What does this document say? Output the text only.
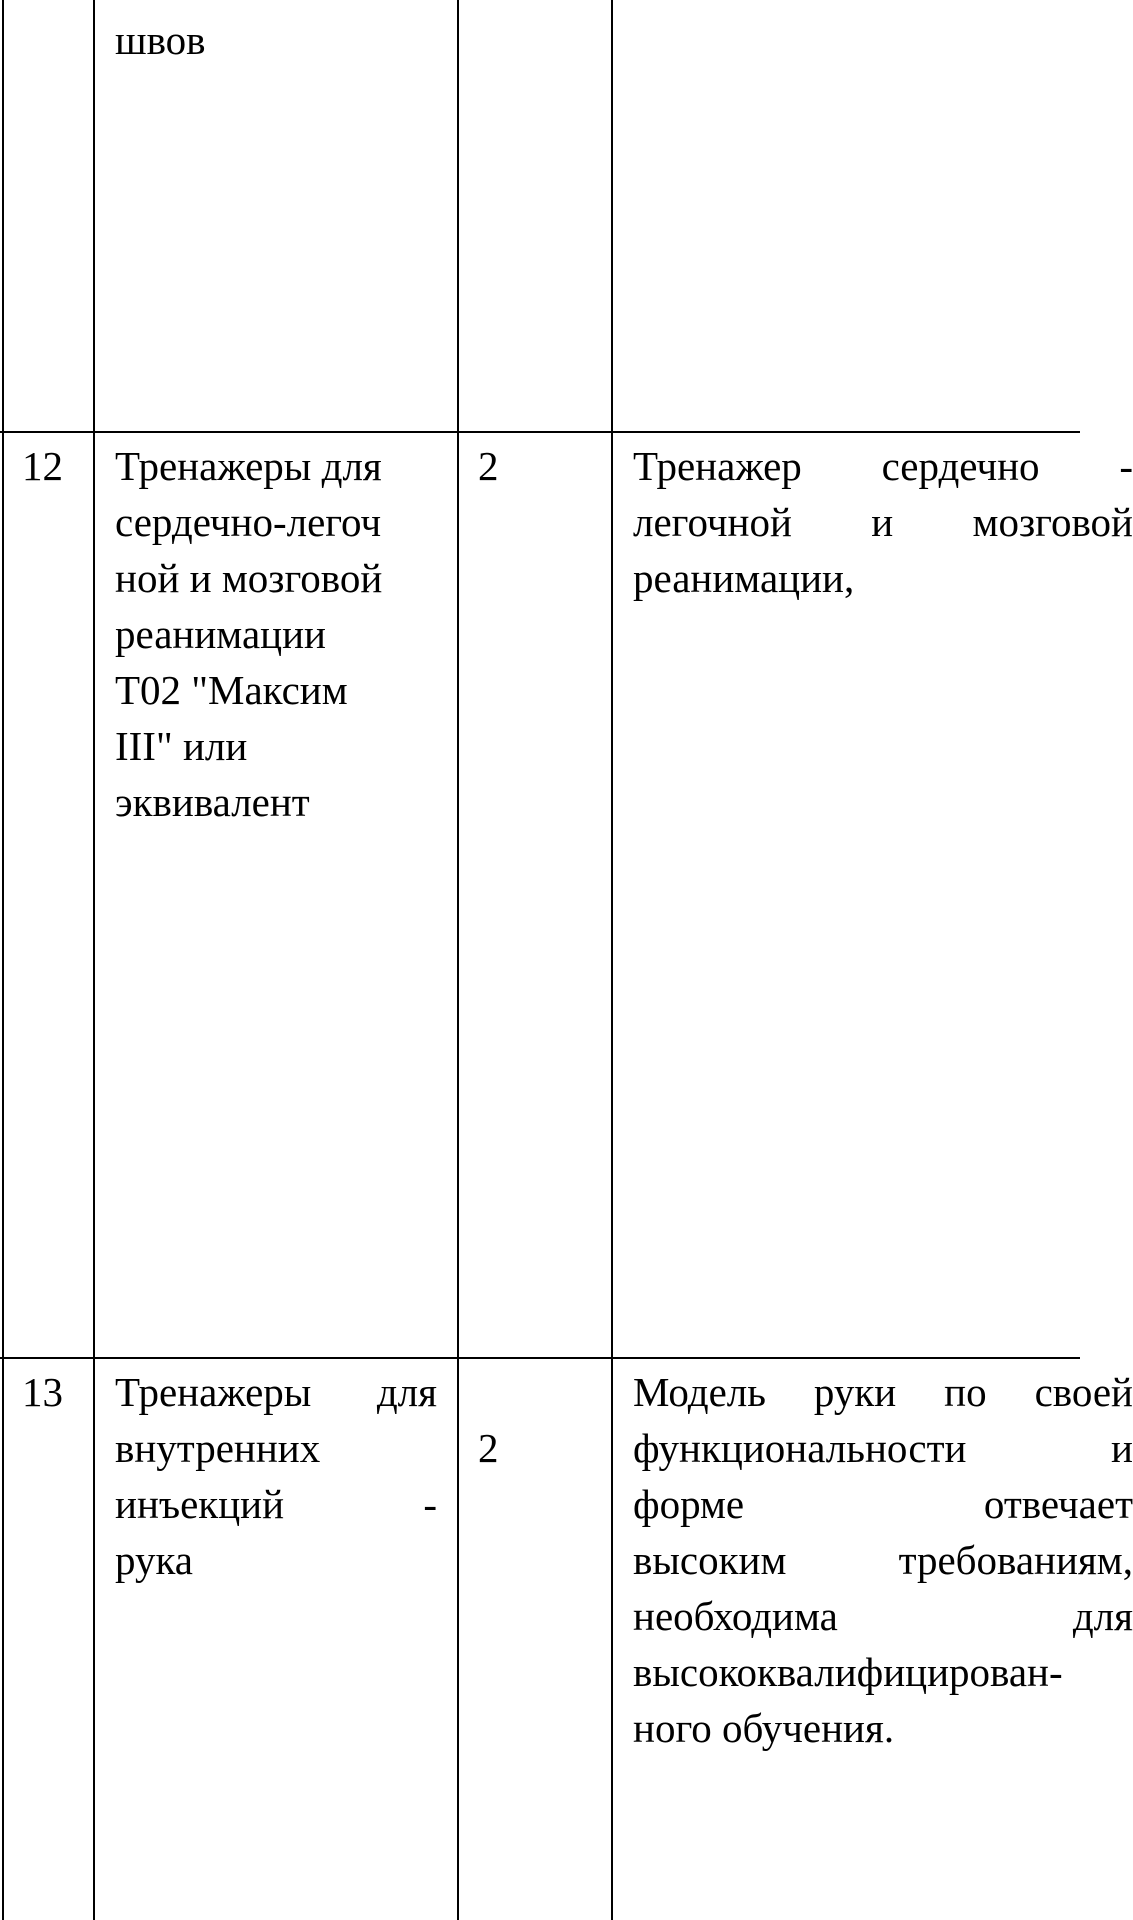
швов
12 Тренажеры для
сердечно-легоч
ной и мозговой
реанимации
Т02 "Максим
III" или
эквивалент
2	Тренажер сердечно -
легочной и мозговой
реанимации,
13 Тренажеры для
внутренних
инъекций -
рука
2
Модель руки по своей
функциональности и
форме отвечает
высоким требованиям,
необходима для
высококвалифицирован-
ного обучения.
